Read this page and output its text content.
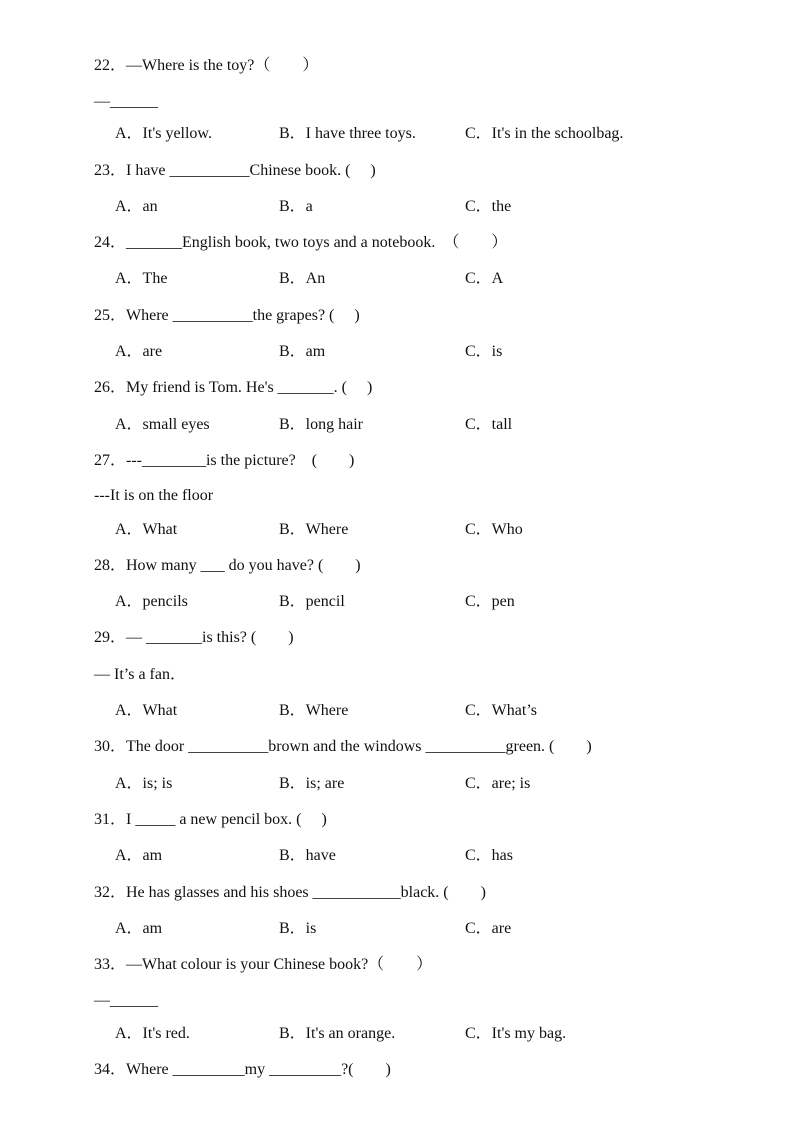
22．—Where is the toy?（　　）
—______
A．It's yellow.	B．I have three toys.	C．It's in the schoolbag.
23．I have __________Chinese book. (　 )
A．an	B．a	C．the
24．_______English book, two toys and a notebook.　（　　）
A．The	B．An	C．A
25．Where __________the grapes? (　 )
A．are	B．am	C．is
26．My friend is Tom. He's _______. (　 )
A．small eyes	B．long hair	C．tall
27．---________is the picture?　(　　)
---It is on the floor
A．What	B．Where	C．Who
28．How many ___ do you have? (　　)
A．pencils	B．pencil	C．pen
29．— _______is this? (　　)
— It’s a fan．
A．What	B．Where	C．What’s
30．The door __________brown and the windows __________green. (　　)
A．is; is	B．is; are	C．are; is
31．I _____ a new pencil box. (　 )
A．am	B．have	C．has
32．He has glasses and his shoes ___________black. (　　)
A．am	B．is	C．are
33．—What colour is your Chinese book?（　　）
—______
A．It's red.	B．It's an orange.	C．It's my bag.
34．Where _________my _________?(　　)
